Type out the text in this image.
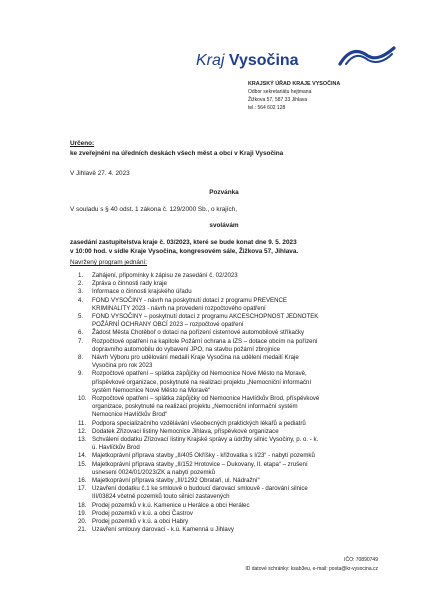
Kraj Vysočina
KRAJSKÝ ÚŘAD KRAJE VYSOČINA
Odbor sekretariátu hejtmana
Žižkova 57, 587 33 Jihlava
tel.: 564 602 128
Určeno:
ke zveřejnění na úředních deskách všech měst a obcí v Kraji Vysočina
V Jihlavě 27. 4. 2023
Pozvánka
V souladu s § 40 odst. 1 zákona č. 129/2000 Sb., o krajích,
svolávám
zasedání zastupitelstva kraje č. 03/2023, které se bude konat dne 9. 5. 2023
v 10:00 hod. v sídle Kraje Vysočina, kongresovém sále, Žižkova 57, Jihlava.
Navržený program jednání:
1.	Zahájení, připomínky k zápisu ze zasedání č. 02/2023
2.	Zpráva o činnosti rady kraje
3.	Informace o činnosti krajského úřadu
4.	FOND VYSOČINY - návrh na poskytnutí dotací z programu PREVENCE
KRIMINALITY 2023 - návrh na provedení rozpočtového opatření
5.	FOND VYSOČINY – poskytnutí dotací z programu AKCESCHOPNOST JEDNOTEK
POŽÁRNÍ OCHRANY OBCÍ 2023 – rozpočtové opatření
6.	Žádost Města Chotěboř o dotaci na pořízení cisternové automobilové stříkačky
7.	Rozpočtové opatření na kapitole Požární ochrana a IZS – dotace obcím na pořízení
dopravního automobilu do vybavení JPO, na stavbu požární zbrojnice
8.	Návrh Výboru pro udělování medailí Kraje Vysočina na udělení medailí Kraje
Vysočina pro rok 2023
9.	Rozpočtové opatření – splátka zápůjčky od Nemocnice Nové Město na Moravě,
příspěvkové organizace, poskytnuté na realizaci projektu „Nemocniční informační
systém Nemocnice Nové Město na Moravě“
10. Rozpočtové opatření – splátka zápůjčky od Nemocnice Havlíčkův Brod, příspěvkové
organizace, poskytnuté na realizaci projektu „Nemocniční informační systém
Nemocnice Havlíčkův Brod“
11. Podpora specializačního vzdělávání všeobecných praktických lékařů a pediatrů
12. Dodatek Zřizovací listiny Nemocnice Jihlava, příspěvkové organizace
13. Schválení dodatku Zřizovací listiny Krajské správy a údržby silnic Vysočiny, p. o. - k.
ú. Havlíčkův Brod
14. Majetkoprávní příprava stavby „II/405 Okříšky - křižovatka s I/23“ - nabytí pozemků
15. Majetkoprávní příprava stavby „II/152 Hrotovice – Dukovany, II. etapa“ – zrušení
usnesení 0024/01/2023/ZK a nabytí pozemků
16. Majetkoprávní příprava stavby „III/1292 Obrataň, ul. Nádražní“
17. Uzavření dodatku č.1 ke smlouvě o budoucí darovací smlouvě - darování silnice
III/03824 včetně pozemků touto silnicí zastavených
18. Prodej pozemků v k.ú. Kamenice u Herálce a obci Herálec
19. Prodej pozemků v k.ú. a obci Častrov
20. Prodej pozemků v k.ú. a obci Habry
21. Uzavření smlouvy darovací - k.ú. Kamenná u Jihlavy
IČO: 70890749
ID datové schránky: ksab3eu, e-mail: posta@kr-vysocina.cz
